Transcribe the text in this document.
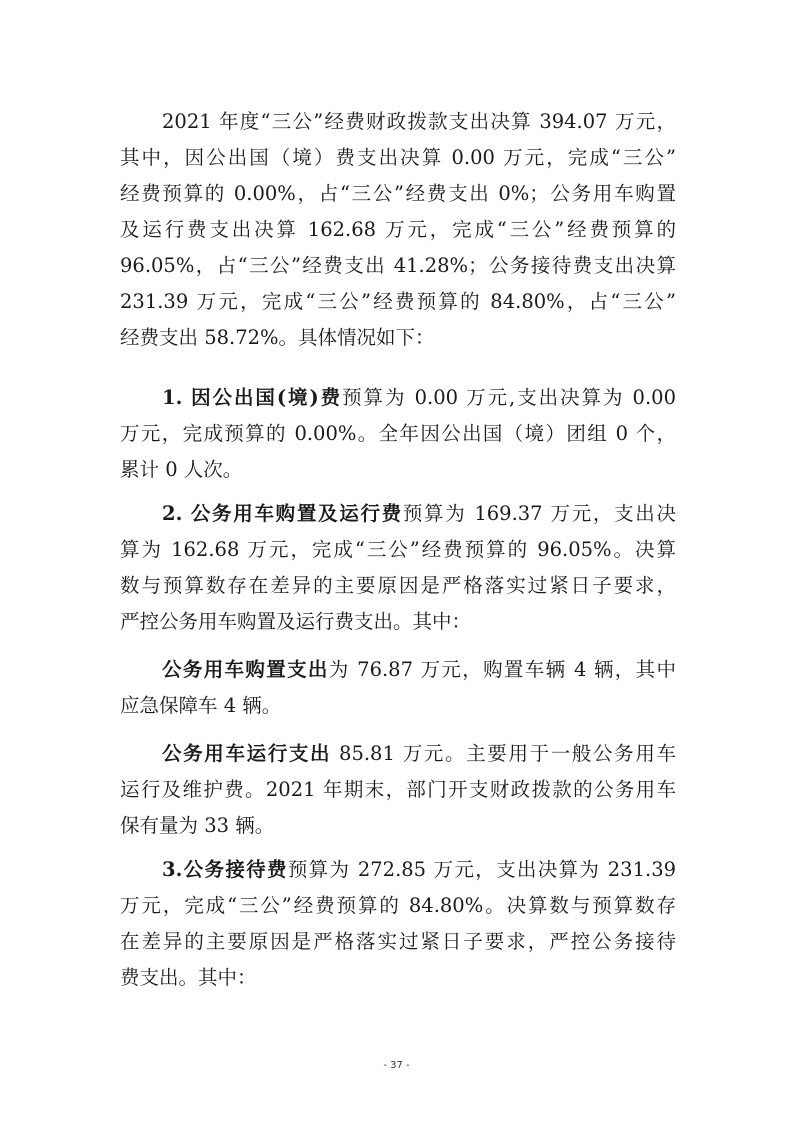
2021 年度“三公”经费财政拨款支出决算 394.07 万元，
其中，因公出国（境）费支出决算 0.00 万元，完成“三公”
经费预算的 0.00%，占“三公”经费支出 0%；公务用车购置
及运行费支出决算 162.68 万元，完成“三公”经费预算的
96.05%，占“三公”经费支出 41.28%；公务接待费支出决算
231.39 万元，完成“三公”经费预算的 84.80%，占“三公”
经费支出 58.72%。具体情况如下：
1. 因公出国(境)费预算为 0.00 万元,支出决算为 0.00
万元，完成预算的 0.00%。全年因公出国（境）团组 0 个，
累计 0 人次。
2. 公务用车购置及运行费预算为 169.37 万元，支出决
算为 162.68 万元，完成“三公”经费预算的 96.05%。决算
数与预算数存在差异的主要原因是严格落实过紧日子要求，
严控公务用车购置及运行费支出。其中：
公务用车购置支出为 76.87 万元，购置车辆 4 辆，其中
应急保障车 4 辆。
公务用车运行支出 85.81 万元。主要用于一般公务用车
运行及维护费。2021 年期末，部门开支财政拨款的公务用车
保有量为 33 辆。
3.公务接待费预算为 272.85 万元，支出决算为 231.39
万元，完成“三公”经费预算的 84.80%。决算数与预算数存
在差异的主要原因是严格落实过紧日子要求，严控公务接待
费支出。其中：
- 37 -
